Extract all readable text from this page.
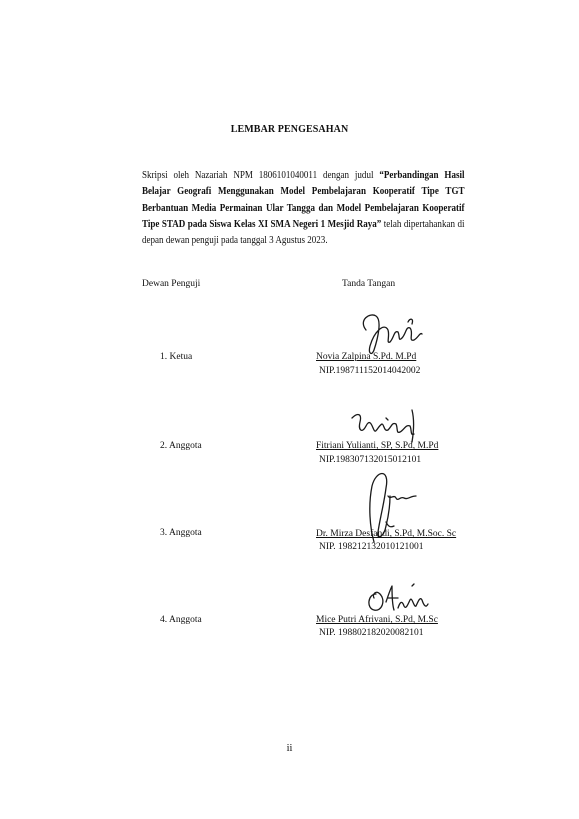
LEMBAR PENGESAHAN
Skripsi oleh Nazariah NPM 1806101040011 dengan judul “Perbandingan Hasil Belajar Geografi Menggunakan Model Pembelajaran Kooperatif Tipe TGT Berbantuan Media Permainan Ular Tangga dan Model Pembelajaran Kooperatif Tipe STAD pada Siswa Kelas XI SMA Negeri 1 Mesjid Raya” telah dipertahankan di depan dewan penguji pada tanggal 3 Agustus 2023.
Dewan Penguji	Tanda Tangan
1. Ketua	Novia Zalpina S.Pd. M.Pd
NIP.198711152014042002
2. Anggota	Fitriani Yulianti, SP, S.Pd, M.Pd
NIP.198307132015012101
3. Anggota	Dr. Mirza Desfandi, S.Pd, M.Soc. Sc
NIP. 198212132010121001
4. Anggota	Mice Putri Afrivani, S.Pd, M.Sc
NIP. 198802182020082101
ii
